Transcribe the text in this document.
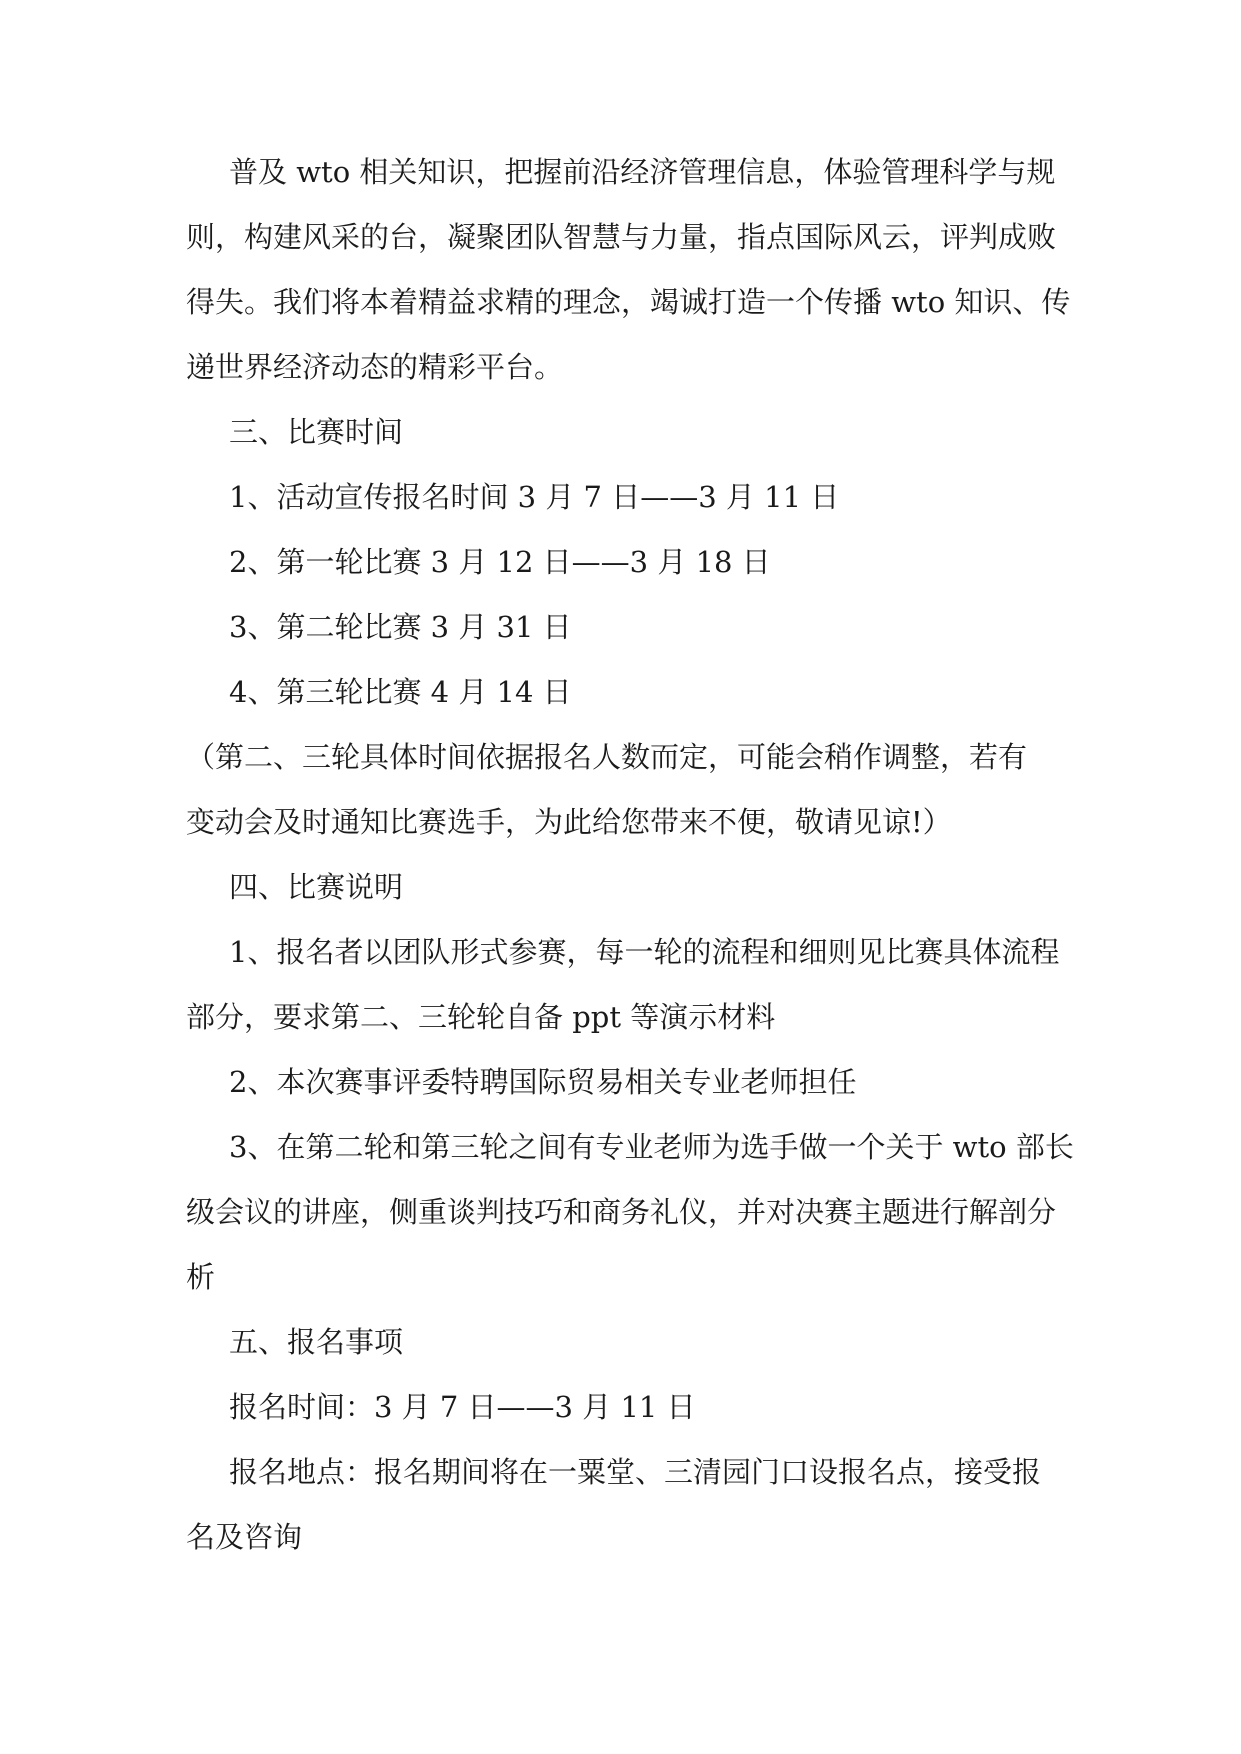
普及 wto 相关知识，把握前沿经济管理信息，体验管理科学与规
则，构建风采的台，凝聚团队智慧与力量，指点国际风云，评判成败
得失。我们将本着精益求精的理念，竭诚打造一个传播 wto 知识、传
递世界经济动态的精彩平台。

三、比赛时间

1、活动宣传报名时间 3 月 7 日——3 月 11 日

2、第一轮比赛 3 月 12 日——3 月 18 日

3、第二轮比赛 3 月 31 日

4、第三轮比赛 4 月 14 日

（第二、三轮具体时间依据报名人数而定，可能会稍作调整，若有
变动会及时通知比赛选手，为此给您带来不便，敬请见谅!）

四、比赛说明

1、报名者以团队形式参赛，每一轮的流程和细则见比赛具体流程
部分，要求第二、三轮轮自备 ppt 等演示材料

2、本次赛事评委特聘国际贸易相关专业老师担任

3、在第二轮和第三轮之间有专业老师为选手做一个关于 wto 部长
级会议的讲座，侧重谈判技巧和商务礼仪，并对决赛主题进行解剖分
析

五、报名事项

报名时间：3 月 7 日——3 月 11 日

报名地点：报名期间将在一粟堂、三清园门口设报名点，接受报
名及咨询
